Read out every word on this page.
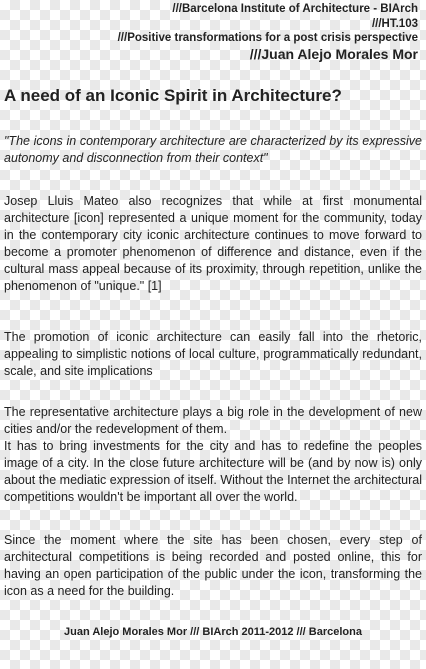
///Barcelona Institute of Architecture - BIArch
///HT.103
///Positive transformations for a post crisis perspective
///Juan Alejo Morales Mor
A need of an Iconic Spirit in Architecture?

"The icons in contemporary architecture are characterized by its expressive autonomy and disconnection from their context"

Josep Lluis Mateo also recognizes that while at first monumental architecture [icon] represented a unique moment for the community, today in the contemporary city iconic architecture continues to move forward to become a promoter phenomenon of difference and distance, even if the cultural mass appeal because of its proximity, through repetition, unlike the phenomenon of "unique." [1]

The promotion of iconic architecture can easily fall into the rhetoric, appealing to simplistic notions of local culture, programmatically redundant, scale, and site implications

The representative architecture plays a big role in the development of new cities and/or the redevelopment of them.
It has to bring investments for the city and has to redefine the peoples image of a city. In the close future architecture will be (and by now is) only about the mediatic expression of itself. Without the Internet the architectural competitions wouldn't be important all over the world.

Since the moment where the site has been chosen, every step of architectural competitions is being recorded and posted online, this for having an open participation of the public under the icon, transforming the icon as a need for the building.

Juan Alejo Morales Mor /// BIArch 2011-2012 /// Barcelona
